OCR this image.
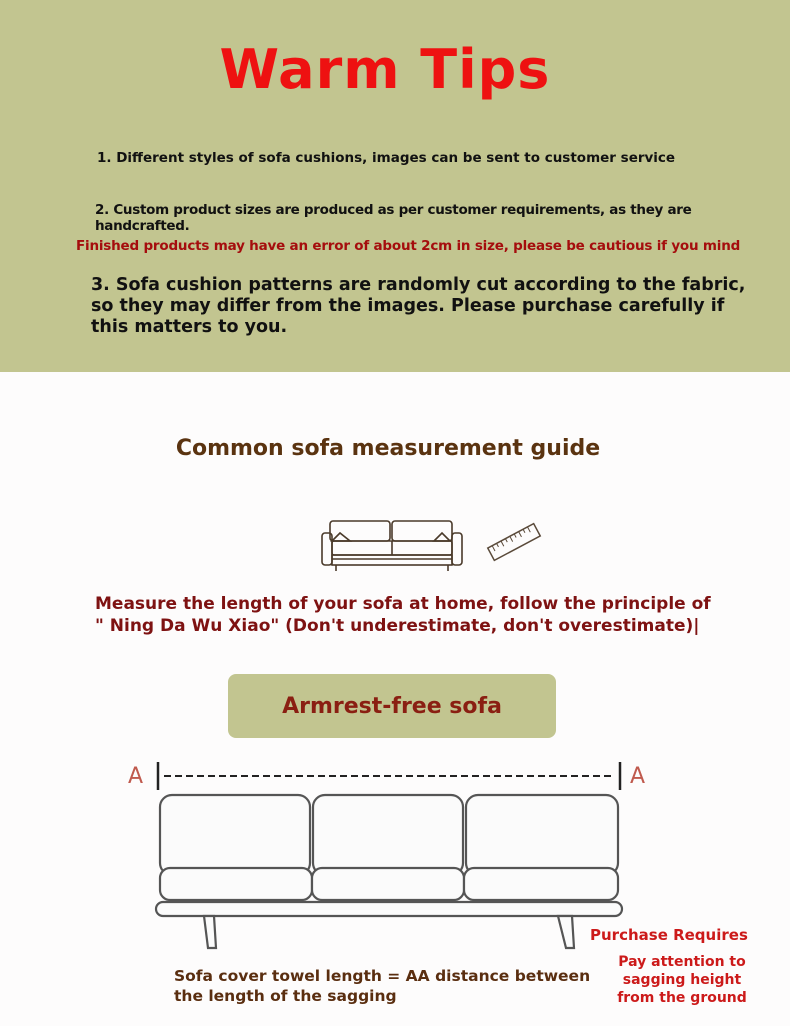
Warm Tips
1. Different styles of sofa cushions, images can be sent to customer service
2. Custom product sizes are produced as per customer requirements, as they are handcrafted.
Finished products may have an error of about 2cm in size, please be cautious if you mind
3. Sofa cushion patterns are randomly cut according to the fabric, so they may differ from the images. Please purchase carefully if this matters to you.
Common sofa measurement guide
Measure the length of your sofa at home, follow the principle of " Ning Da Wu Xiao" (Don't underestimate, don't overestimate)|
Armrest-free sofa
A	A
Purchase Requires
Pay attention to sagging height from the ground
Sofa cover towel length = AA distance between the length of the sagging
